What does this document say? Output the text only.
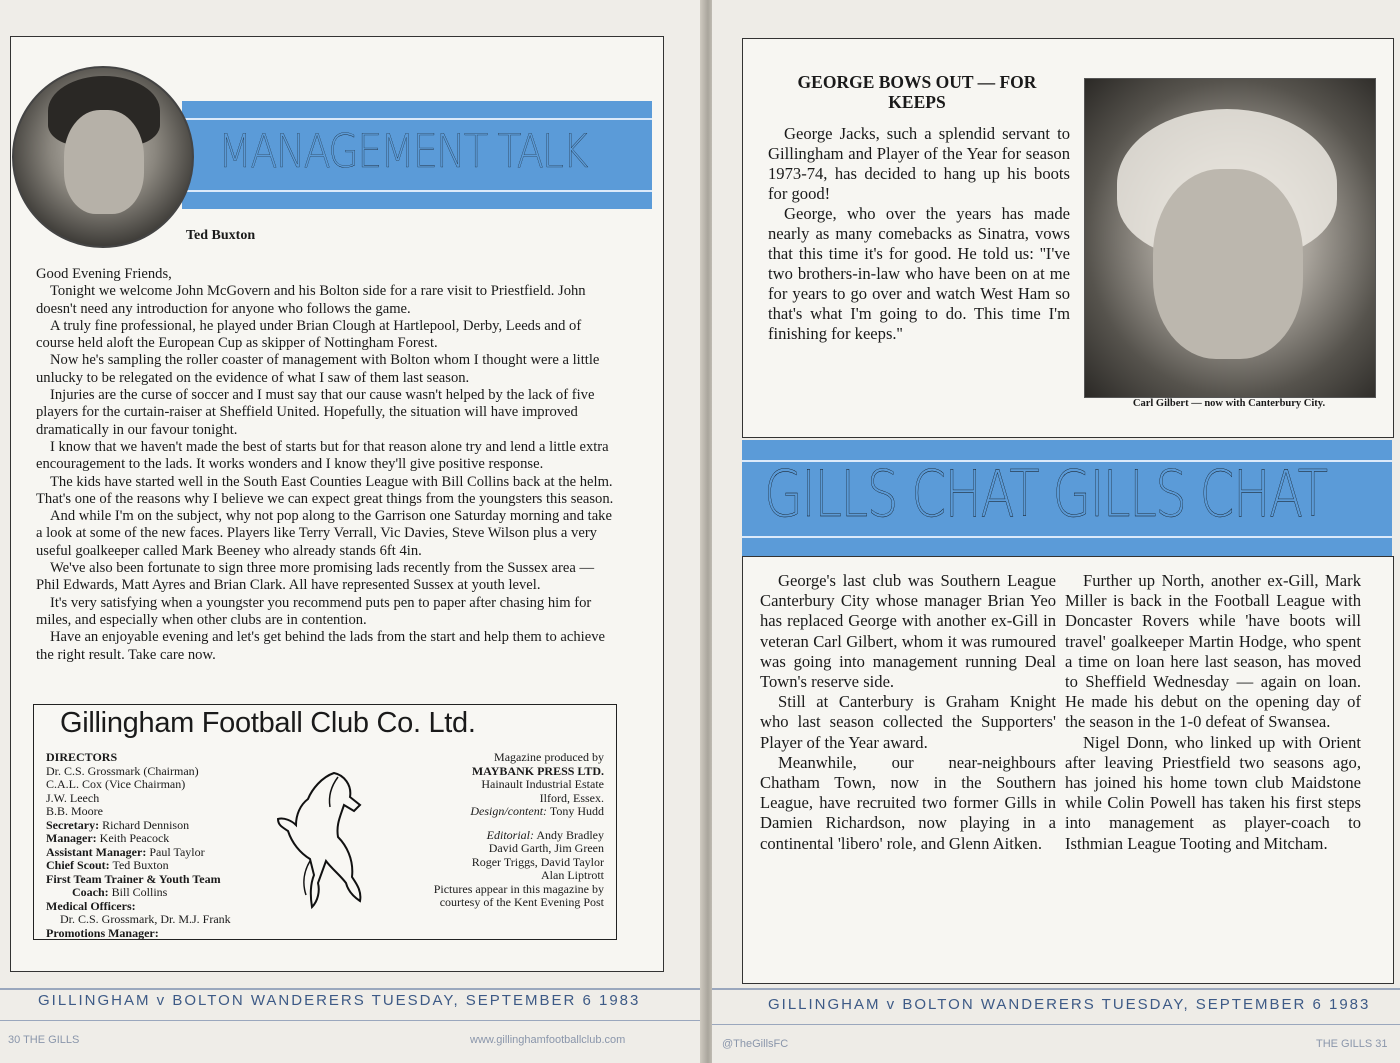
MANAGEMENT TALK
Ted Buxton

Good Evening Friends,

Tonight we welcome John McGovern and his Bolton side for a rare visit to Priestfield. John doesn't need any introduction for anyone who follows the game.

A truly fine professional, he played under Brian Clough at Hartlepool, Derby, Leeds and of course held aloft the European Cup as skipper of Nottingham Forest.

Now he's sampling the roller coaster of management with Bolton whom I thought were a little unlucky to be relegated on the evidence of what I saw of them last season.

Injuries are the curse of soccer and I must say that our cause wasn't helped by the lack of five players for the curtain-raiser at Sheffield United. Hopefully, the situation will have improved dramatically in our favour tonight.

I know that we haven't made the best of starts but for that reason alone try and lend a little extra encouragement to the lads. It works wonders and I know they'll give positive response.

The kids have started well in the South East Counties League with Bill Collins back at the helm. That's one of the reasons why I believe we can expect great things from the youngsters this season.

And while I'm on the subject, why not pop along to the Garrison one Saturday morning and take a look at some of the new faces. Players like Terry Verrall, Vic Davies, Steve Wilson plus a very useful goalkeeper called Mark Beeney who already stands 6ft 4in.

We've also been fortunate to sign three more promising lads recently from the Sussex area — Phil Edwards, Matt Ayres and Brian Clark. All have represented Sussex at youth level.

It's very satisfying when a youngster you recommend puts pen to paper after chasing him for miles, and especially when other clubs are in contention.

Have an enjoyable evening and let's get behind the lads from the start and help them to achieve the right result. Take care now.

Gillingham Football Club Co. Ltd.
DIRECTORS
Dr. C.S. Grossmark (Chairman)
C.A.L. Cox (Vice Chairman)
J.W. Leech
B.B. Moore
Secretary: Richard Dennison
Manager: Keith Peacock
Assistant Manager: Paul Taylor
Chief Scout: Ted Buxton
First Team Trainer & Youth Team
Coach: Bill Collins
Medical Officers:
Dr. C.S. Grossmark, Dr. M.J. Frank
Promotions Manager:
Magazine produced by
MAYBANK PRESS LTD.
Hainault Industrial Estate
Ilford, Essex.
Design/content: Tony Hudd
Editorial: Andy Bradley
David Garth, Jim Green
Roger Triggs, David Taylor
Alan Liptrott
Pictures appear in this magazine by
courtesy of the Kent Evening Post
GILLINGHAM v BOLTON WANDERERS TUESDAY, SEPTEMBER 6 1983
30 THE GILLS	www.gillinghamfootballclub.com
GEORGE BOWS OUT — FOR KEEPS

George Jacks, such a splendid servant to Gillingham and Player of the Year for season 1973-74, has decided to hang up his boots for good!

George, who over the years has made nearly as many comebacks as Sinatra, vows that this time it's for good. He told us: ''I've two brothers-in-law who have been on at me for years to go over and watch West Ham so that's what I'm going to do. This time I'm finishing for keeps.''

Carl Gilbert — now with Canterbury City.
GILLS CHAT GILLS CHAT

George's last club was Southern League Canterbury City whose manager Brian Yeo has replaced George with another ex-Gill in veteran Carl Gilbert, whom it was rumoured was going into management running Deal Town's reserve side.

Still at Canterbury is Graham Knight who last season collected the Supporters' Player of the Year award.

Meanwhile, our near-neighbours Chatham Town, now in the Southern League, have recruited two former Gills in Damien Richardson, now playing in a continental 'libero' role, and Glenn Aitken.

Further up North, another ex-Gill, Mark Miller is back in the Football League with Doncaster Rovers while 'have boots will travel' goalkeeper Martin Hodge, who spent a time on loan here last season, has moved to Sheffield Wednesday — again on loan. He made his debut on the opening day of the season in the 1-0 defeat of Swansea.

Nigel Donn, who linked up with Orient after leaving Priestfield two seasons ago, has joined his home town club Maidstone while Colin Powell has taken his first steps into management as player-coach to Isthmian League Tooting and Mitcham.

GILLINGHAM v BOLTON WANDERERS TUESDAY, SEPTEMBER 6 1983
@TheGillsFC	THE GILLS 31
